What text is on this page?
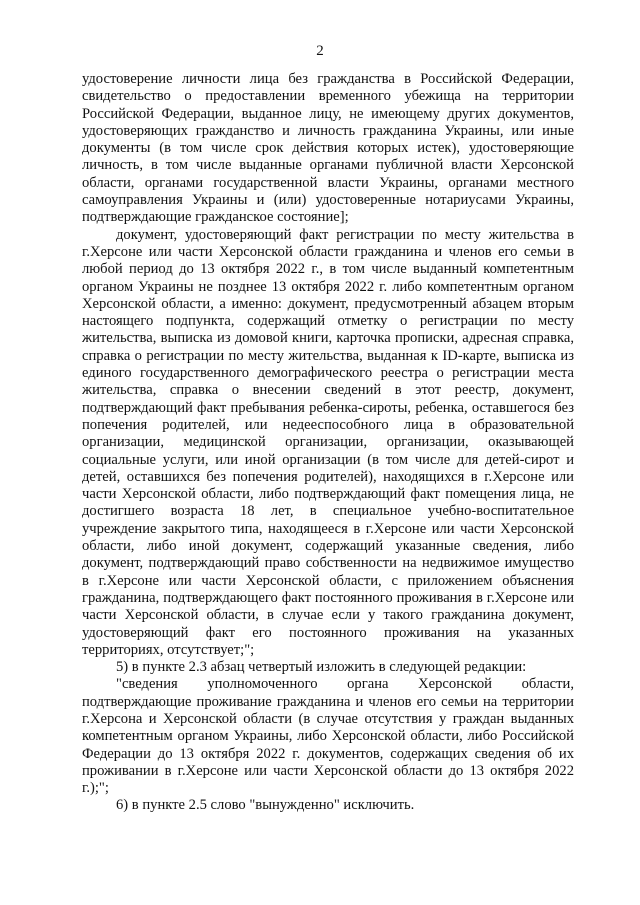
2

удостоверение личности лица без гражданства в Российской Федерации, свидетельство о предоставлении временного убежища на территории Российской Федерации, выданное лицу, не имеющему других документов, удостоверяющих гражданство и личность гражданина Украины, или иные документы (в том числе срок действия которых истек), удостоверяющие личность, в том числе выданные органами публичной власти Херсонской области, органами государственной власти Украины, органами местного самоуправления Украины и (или) удостоверенные нотариусами Украины, подтверждающие гражданское состояние];

документ, удостоверяющий факт регистрации по месту жительства в г.Херсоне или части Херсонской области гражданина и членов его семьи в любой период до 13 октября 2022 г., в том числе выданный компетентным органом Украины не позднее 13 октября 2022 г. либо компетентным органом Херсонской области, а именно: документ, предусмотренный абзацем вторым настоящего подпункта, содержащий отметку о регистрации по месту жительства, выписка из домовой книги, карточка прописки, адресная справка, справка о регистрации по месту жительства, выданная к ID-карте, выписка из единого государственного демографического реестра о регистрации места жительства, справка о внесении сведений в этот реестр, документ, подтверждающий факт пребывания ребенка-сироты, ребенка, оставшегося без попечения родителей, или недееспособного лица в образовательной организации, медицинской организации, организации, оказывающей социальные услуги, или иной организации (в том числе для детей-сирот и детей, оставшихся без попечения родителей), находящихся в г.Херсоне или части Херсонской области, либо подтверждающий факт помещения лица, не достигшего возраста 18 лет, в специальное учебно-воспитательное учреждение закрытого типа, находящееся в г.Херсоне или части Херсонской области, либо иной документ, содержащий указанные сведения, либо документ, подтверждающий право собственности на недвижимое имущество в г.Херсоне или части Херсонской области, с приложением объяснения гражданина, подтверждающего факт постоянного проживания в г.Херсоне или части Херсонской области, в случае если у такого гражданина документ, удостоверяющий факт его постоянного проживания на указанных территориях, отсутствует;";

5) в пункте 2.3 абзац четвертый изложить в следующей редакции:

"сведения уполномоченного органа Херсонской области, подтверждающие проживание гражданина и членов его семьи на территории г.Херсона и Херсонской области (в случае отсутствия у граждан выданных компетентным органом Украины, либо Херсонской области, либо Российской Федерации до 13 октября 2022 г. документов, содержащих сведения об их проживании в г.Херсоне или части Херсонской области до 13 октября 2022 г.);";

6) в пункте 2.5 слово "вынужденно" исключить.
